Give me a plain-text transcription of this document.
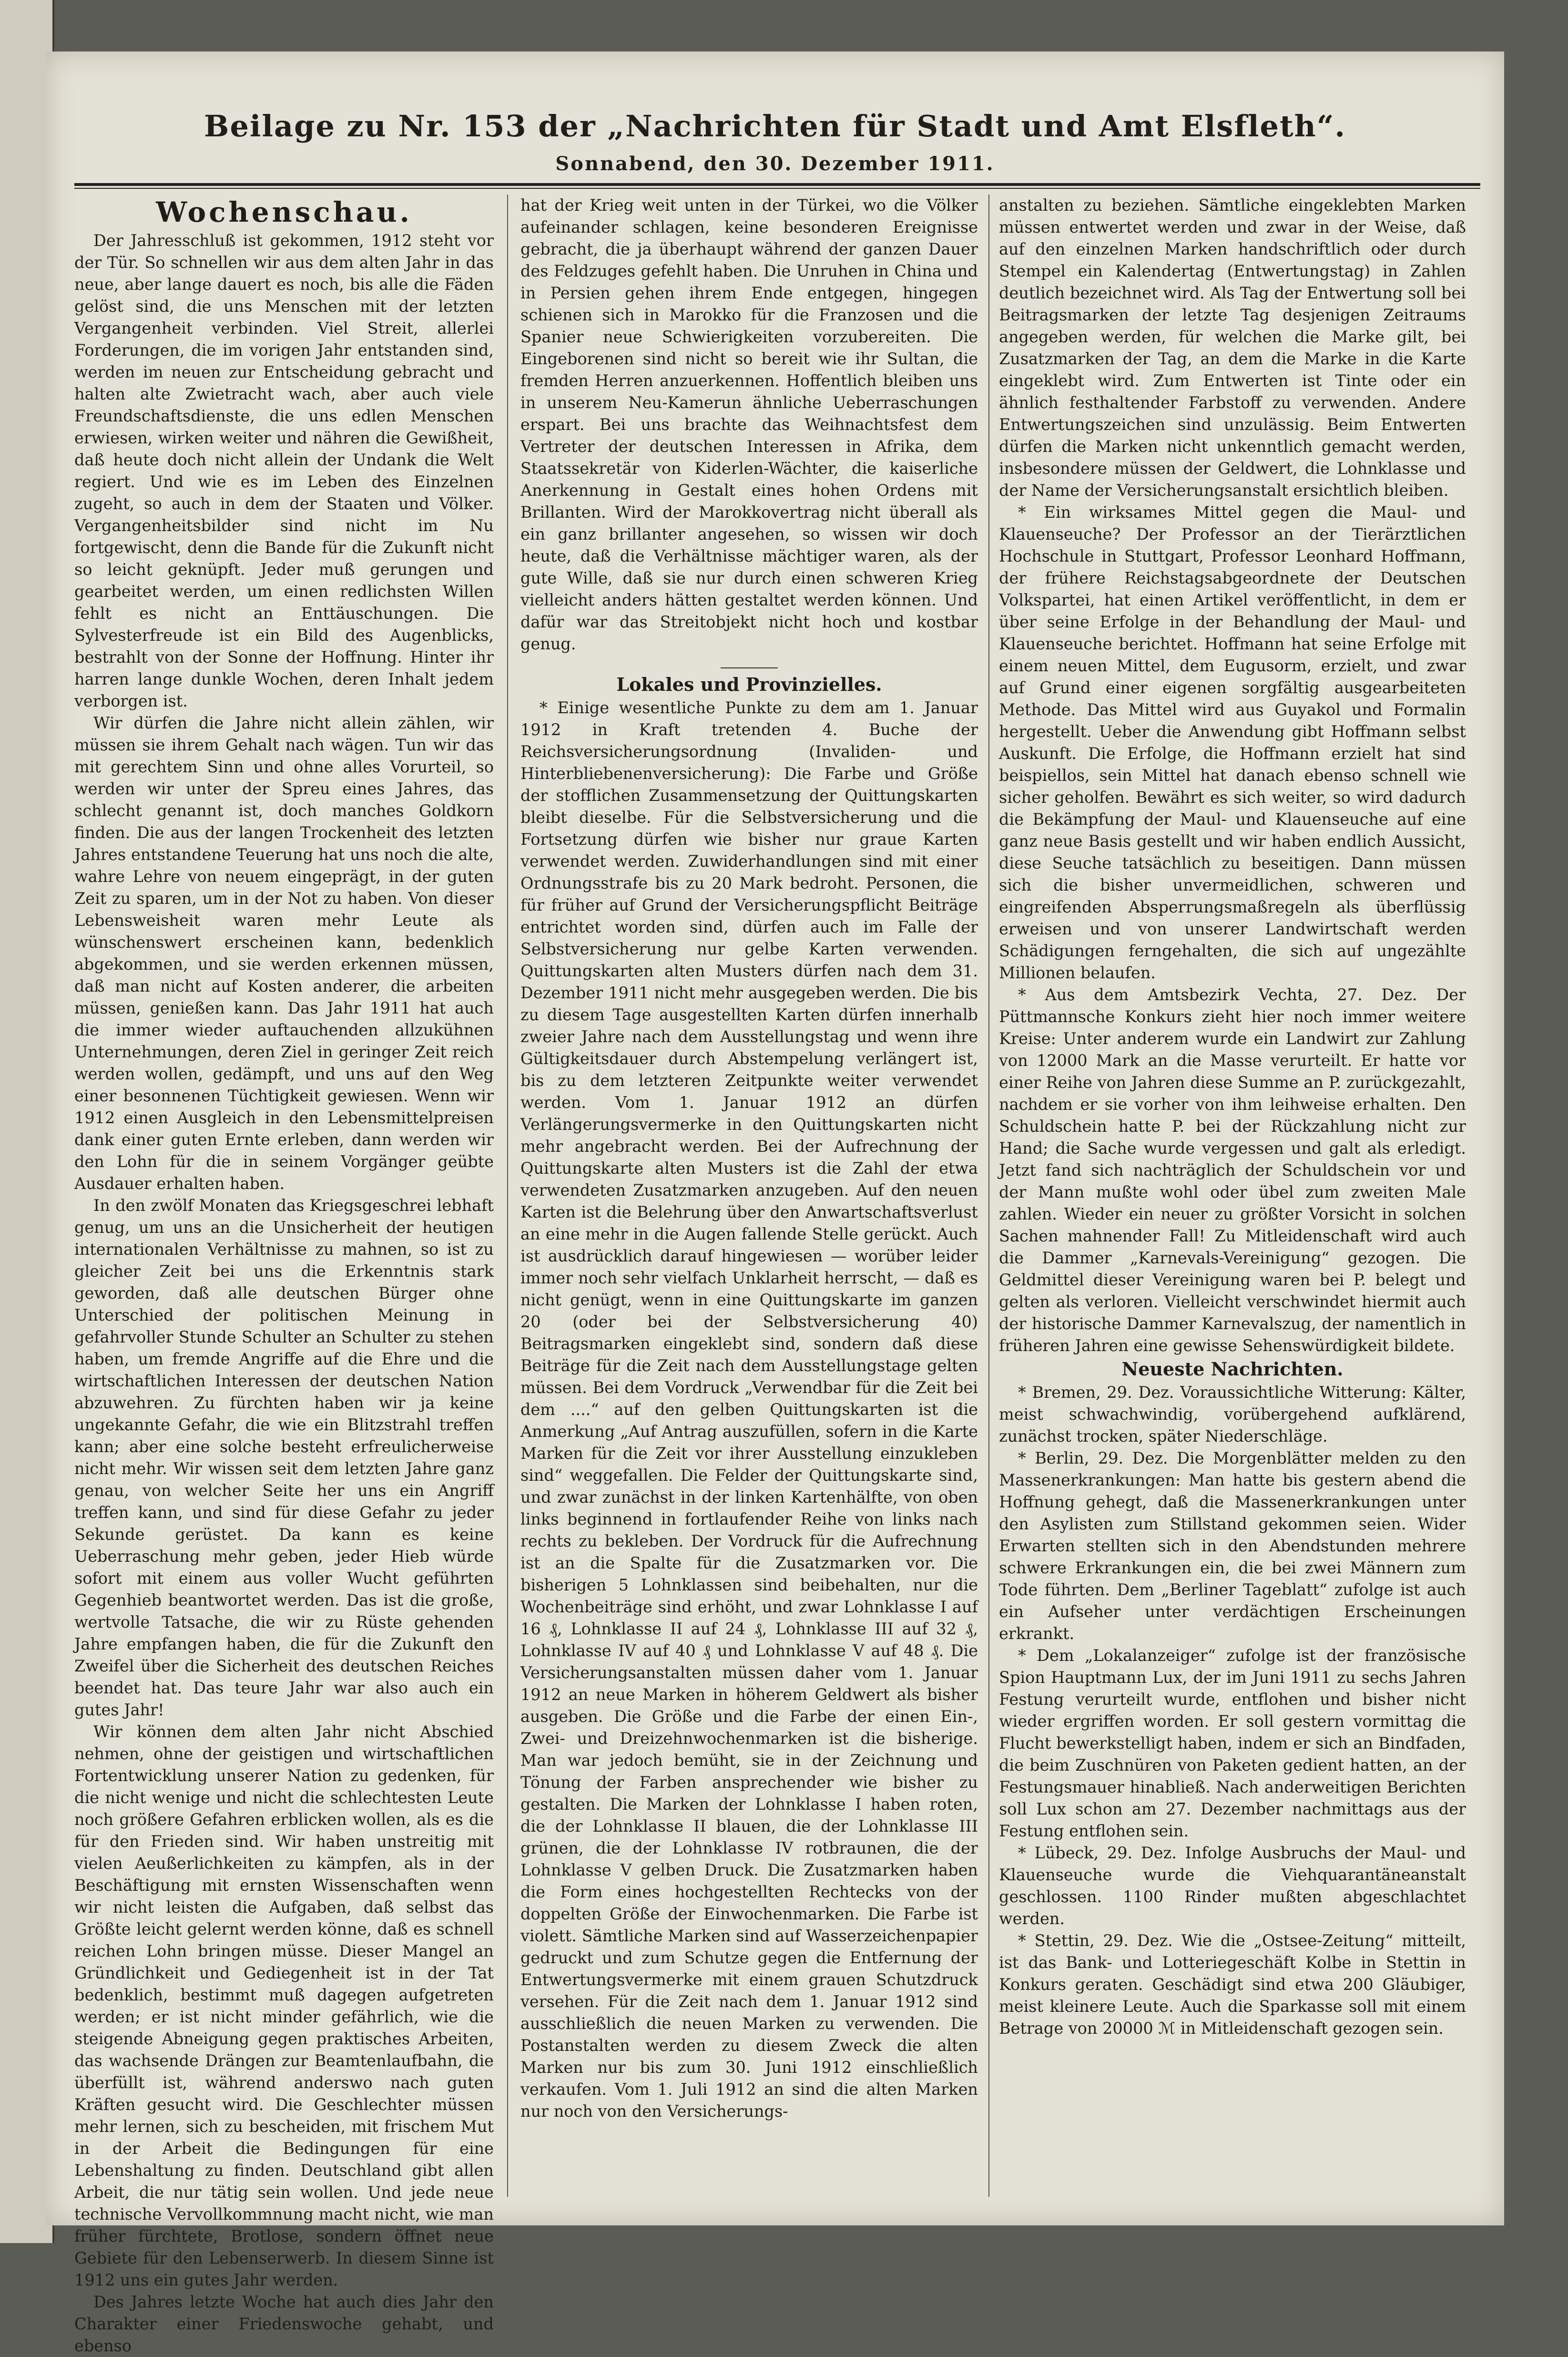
Beilage zu Nr. 153 der „Nachrichten für Stadt und Amt Elsfleth“.
Sonnabend, den 30. Dezember 1911.

Wochenschau.

Der Jahresschluß ist gekommen, 1912 steht vor der Tür. So schnellen wir aus dem alten Jahr in das neue, aber lange dauert es noch, bis alle die Fäden gelöst sind, die uns Menschen mit der letzten Vergangenheit verbinden. Viel Streit, allerlei Forderungen, die im vorigen Jahr entstanden sind, werden im neuen zur Entscheidung gebracht und halten alte Zwietracht wach, aber auch viele Freundschaftsdienste, die uns edlen Menschen erwiesen, wirken weiter und nähren die Gewißheit, daß heute doch nicht allein der Undank die Welt regiert. Und wie es im Leben des Einzelnen zugeht, so auch in dem der Staaten und Völker. Vergangenheitsbilder sind nicht im Nu fortgewischt, denn die Bande für die Zukunft nicht so leicht geknüpft. Jeder muß gerungen und gearbeitet werden, um einen redlichsten Willen fehlt es nicht an Enttäuschungen. Die Sylvesterfreude ist ein Bild des Augenblicks, bestrahlt von der Sonne der Hoffnung. Hinter ihr harren lange dunkle Wochen, deren Inhalt jedem verborgen ist.

Wir dürfen die Jahre nicht allein zählen, wir müssen sie ihrem Gehalt nach wägen. Tun wir das mit gerechtem Sinn und ohne alles Vorurteil, so werden wir unter der Spreu eines Jahres, das schlecht genannt ist, doch manches Goldkorn finden. Die aus der langen Trockenheit des letzten Jahres entstandene Teuerung hat uns noch die alte, wahre Lehre von neuem eingeprägt, in der guten Zeit zu sparen, um in der Not zu haben. Von dieser Lebensweisheit waren mehr Leute als wünschenswert erscheinen kann, bedenklich abgekommen, und sie werden erkennen müssen, daß man nicht auf Kosten anderer, die arbeiten müssen, genießen kann. Das Jahr 1911 hat auch die immer wieder auftauchenden allzukühnen Unternehmungen, deren Ziel in geringer Zeit reich werden wollen, gedämpft, und uns auf den Weg einer besonnenen Tüchtigkeit gewiesen. Wenn wir 1912 einen Ausgleich in den Lebensmittelpreisen dank einer guten Ernte erleben, dann werden wir den Lohn für die in seinem Vorgänger geübte Ausdauer erhalten haben.

In den zwölf Monaten das Kriegsgeschrei lebhaft genug, um uns an die Unsicherheit der heutigen internationalen Verhältnisse zu mahnen, so ist zu gleicher Zeit bei uns die Erkenntnis stark geworden, daß alle deutschen Bürger ohne Unterschied der politischen Meinung in gefahrvoller Stunde Schulter an Schulter zu stehen haben, um fremde Angriffe auf die Ehre und die wirtschaftlichen Interessen der deutschen Nation abzuwehren. Zu fürchten haben wir ja keine ungekannte Gefahr, die wie ein Blitzstrahl treffen kann; aber eine solche besteht erfreulicherweise nicht mehr. Wir wissen seit dem letzten Jahre ganz genau, von welcher Seite her uns ein Angriff treffen kann, und sind für diese Gefahr zu jeder Sekunde gerüstet. Da kann es keine Ueberraschung mehr geben, jeder Hieb würde sofort mit einem aus voller Wucht geführten Gegenhieb beantwortet werden. Das ist die große, wertvolle Tatsache, die wir zu Rüste gehenden Jahre empfangen haben, die für die Zukunft den Zweifel über die Sicherheit des deutschen Reiches beendet hat. Das teure Jahr war also auch ein gutes Jahr!

Wir können dem alten Jahr nicht Abschied nehmen, ohne der geistigen und wirtschaftlichen Fortentwicklung unserer Nation zu gedenken, für die nicht wenige und nicht die schlechtesten Leute noch größere Gefahren erblicken wollen, als es die für den Frieden sind. Wir haben unstreitig mit vielen Aeußerlichkeiten zu kämpfen, als in der Beschäftigung mit ernsten Wissenschaften wenn wir nicht leisten die Aufgaben, daß selbst das Größte leicht gelernt werden könne, daß es schnell reichen Lohn bringen müsse. Dieser Mangel an Gründlichkeit und Gediegenheit ist in der Tat bedenklich, bestimmt muß dagegen aufgetreten werden; er ist nicht minder gefährlich, wie die steigende Abneigung gegen praktisches Arbeiten, das wachsende Drängen zur Beamtenlaufbahn, die überfüllt ist, während anderswo nach guten Kräften gesucht wird. Die Geschlechter müssen mehr lernen, sich zu bescheiden, mit frischem Mut in der Arbeit die Bedingungen für eine Lebenshaltung zu finden. Deutschland gibt allen Arbeit, die nur tätig sein wollen. Und jede neue technische Vervollkommnung macht nicht, wie man früher fürchtete, Brotlose, sondern öffnet neue Gebiete für den Lebenserwerb. In diesem Sinne ist 1912 uns ein gutes Jahr werden.

Des Jahres letzte Woche hat auch dies Jahr den Charakter einer Friedenswoche gehabt, und ebenso

hat der Krieg weit unten in der Türkei, wo die Völker aufeinander schlagen, keine besonderen Ereignisse gebracht, die ja überhaupt während der ganzen Dauer des Feldzuges gefehlt haben. Die Unruhen in China und in Persien gehen ihrem Ende entgegen, hingegen schienen sich in Marokko für die Franzosen und die Spanier neue Schwierigkeiten vorzubereiten. Die Eingeborenen sind nicht so bereit wie ihr Sultan, die fremden Herren anzuerkennen. Hoffentlich bleiben uns in unserem Neu-Kamerun ähnliche Ueberraschungen erspart. Bei uns brachte das Weihnachtsfest dem Vertreter der deutschen Interessen in Afrika, dem Staatssekretär von Kiderlen-Wächter, die kaiserliche Anerkennung in Gestalt eines hohen Ordens mit Brillanten. Wird der Marokkovertrag nicht überall als ein ganz brillanter angesehen, so wissen wir doch heute, daß die Verhältnisse mächtiger waren, als der gute Wille, daß sie nur durch einen schweren Krieg vielleicht anders hätten gestaltet werden können. Und dafür war das Streitobjekt nicht hoch und kostbar genug.

Lokales und Provinzielles.

* Einige wesentliche Punkte zu dem am 1. Januar 1912 in Kraft tretenden 4. Buche der Reichsversicherungsordnung (Invaliden- und Hinterbliebenenversicherung): Die Farbe und Größe der stofflichen Zusammensetzung der Quittungskarten bleibt dieselbe. Für die Selbstversicherung und die Fortsetzung dürfen wie bisher nur graue Karten verwendet werden. Zuwiderhandlungen sind mit einer Ordnungsstrafe bis zu 20 Mark bedroht. Personen, die für früher auf Grund der Versicherungspflicht Beiträge entrichtet worden sind, dürfen auch im Falle der Selbstversicherung nur gelbe Karten verwenden. Quittungskarten alten Musters dürfen nach dem 31. Dezember 1911 nicht mehr ausgegeben werden. Die bis zu diesem Tage ausgestellten Karten dürfen innerhalb zweier Jahre nach dem Ausstellungstag und wenn ihre Gültigkeitsdauer durch Abstempelung verlängert ist, bis zu dem letzteren Zeitpunkte weiter verwendet werden. Vom 1. Januar 1912 an dürfen Verlängerungsvermerke in den Quittungskarten nicht mehr angebracht werden. Bei der Aufrechnung der Quittungskarte alten Musters ist die Zahl der etwa verwendeten Zusatzmarken anzugeben. Auf den neuen Karten ist die Belehrung über den Anwartschaftsverlust an eine mehr in die Augen fallende Stelle gerückt. Auch ist ausdrücklich darauf hingewiesen — worüber leider immer noch sehr vielfach Unklarheit herrscht, — daß es nicht genügt, wenn in eine Quittungskarte im ganzen 20 (oder bei der Selbstversicherung 40) Beitragsmarken eingeklebt sind, sondern daß diese Beiträge für die Zeit nach dem Ausstellungstage gelten müssen. Bei dem Vordruck „Verwendbar für die Zeit bei dem ....“ auf den gelben Quittungskarten ist die Anmerkung „Auf Antrag auszufüllen, sofern in die Karte Marken für die Zeit vor ihrer Ausstellung einzukleben sind“ weggefallen. Die Felder der Quittungskarte sind, und zwar zunächst in der linken Kartenhälfte, von oben links beginnend in fortlaufender Reihe von links nach rechts zu bekleben. Der Vordruck für die Aufrechnung ist an die Spalte für die Zusatzmarken vor. Die bisherigen 5 Lohnklassen sind beibehalten, nur die Wochenbeiträge sind erhöht, und zwar Lohnklasse I auf 16 ₰, Lohnklasse II auf 24 ₰, Lohnklasse III auf 32 ₰, Lohnklasse IV auf 40 ₰ und Lohnklasse V auf 48 ₰. Die Versicherungsanstalten müssen daher vom 1. Januar 1912 an neue Marken in höherem Geldwert als bisher ausgeben. Die Größe und die Farbe der einen Ein-, Zwei- und Dreizehnwochenmarken ist die bisherige. Man war jedoch bemüht, sie in der Zeichnung und Tönung der Farben ansprechender wie bisher zu gestalten. Die Marken der Lohnklasse I haben roten, die der Lohnklasse II blauen, die der Lohnklasse III grünen, die der Lohnklasse IV rotbraunen, die der Lohnklasse V gelben Druck. Die Zusatzmarken haben die Form eines hochgestellten Rechtecks von der doppelten Größe der Einwochenmarken. Die Farbe ist violett. Sämtliche Marken sind auf Wasserzeichenpapier gedruckt und zum Schutze gegen die Entfernung der Entwertungsvermerke mit einem grauen Schutzdruck versehen. Für die Zeit nach dem 1. Januar 1912 sind ausschließlich die neuen Marken zu verwenden. Die Postanstalten werden zu diesem Zweck die alten Marken nur bis zum 30. Juni 1912 einschließlich verkaufen. Vom 1. Juli 1912 an sind die alten Marken nur noch von den Versicherungs-

anstalten zu beziehen. Sämtliche eingeklebten Marken müssen entwertet werden und zwar in der Weise, daß auf den einzelnen Marken handschriftlich oder durch Stempel ein Kalendertag (Entwertungstag) in Zahlen deutlich bezeichnet wird. Als Tag der Entwertung soll bei Beitragsmarken der letzte Tag desjenigen Zeitraums angegeben werden, für welchen die Marke gilt, bei Zusatzmarken der Tag, an dem die Marke in die Karte eingeklebt wird. Zum Entwerten ist Tinte oder ein ähnlich festhaltender Farbstoff zu verwenden. Andere Entwertungszeichen sind unzulässig. Beim Entwerten dürfen die Marken nicht unkenntlich gemacht werden, insbesondere müssen der Geldwert, die Lohnklasse und der Name der Versicherungsanstalt ersichtlich bleiben.

* Ein wirksames Mittel gegen die Maul- und Klauenseuche? Der Professor an der Tierärztlichen Hochschule in Stuttgart, Professor Leonhard Hoffmann, der frühere Reichstagsabgeordnete der Deutschen Volkspartei, hat einen Artikel veröffentlicht, in dem er über seine Erfolge in der Behandlung der Maul- und Klauenseuche berichtet. Hoffmann hat seine Erfolge mit einem neuen Mittel, dem Eugusorm, erzielt, und zwar auf Grund einer eigenen sorgfältig ausgearbeiteten Methode. Das Mittel wird aus Guyakol und Formalin hergestellt. Ueber die Anwendung gibt Hoffmann selbst Auskunft. Die Erfolge, die Hoffmann erzielt hat sind beispiellos, sein Mittel hat danach ebenso schnell wie sicher geholfen. Bewährt es sich weiter, so wird dadurch die Bekämpfung der Maul- und Klauenseuche auf eine ganz neue Basis gestellt und wir haben endlich Aussicht, diese Seuche tatsächlich zu beseitigen. Dann müssen sich die bisher unvermeidlichen, schweren und eingreifenden Absperrungsmaßregeln als überflüssig erweisen und von unserer Landwirtschaft werden Schädigungen ferngehalten, die sich auf ungezählte Millionen belaufen.

* Aus dem Amtsbezirk Vechta, 27. Dez. Der Püttmannsche Konkurs zieht hier noch immer weitere Kreise: Unter anderem wurde ein Landwirt zur Zahlung von 12000 Mark an die Masse verurteilt. Er hatte vor einer Reihe von Jahren diese Summe an P. zurückgezahlt, nachdem er sie vorher von ihm leihweise erhalten. Den Schuldschein hatte P. bei der Rückzahlung nicht zur Hand; die Sache wurde vergessen und galt als erledigt. Jetzt fand sich nachträglich der Schuldschein vor und der Mann mußte wohl oder übel zum zweiten Male zahlen. Wieder ein neuer zu größter Vorsicht in solchen Sachen mahnender Fall! Zu Mitleidenschaft wird auch die Dammer „Karnevals-Vereinigung“ gezogen. Die Geldmittel dieser Vereinigung waren bei P. belegt und gelten als verloren. Vielleicht verschwindet hiermit auch der historische Dammer Karnevalszug, der namentlich in früheren Jahren eine gewisse Sehenswürdigkeit bildete.

Neueste Nachrichten.

* Bremen, 29. Dez. Voraussichtliche Witterung: Kälter, meist schwachwindig, vorübergehend aufklärend, zunächst trocken, später Niederschläge.

* Berlin, 29. Dez. Die Morgenblätter melden zu den Massenerkrankungen: Man hatte bis gestern abend die Hoffnung gehegt, daß die Massenerkrankungen unter den Asylisten zum Stillstand gekommen seien. Wider Erwarten stellten sich in den Abendstunden mehrere schwere Erkrankungen ein, die bei zwei Männern zum Tode führten. Dem „Berliner Tageblatt“ zufolge ist auch ein Aufseher unter verdächtigen Erscheinungen erkrankt.

* Dem „Lokalanzeiger“ zufolge ist der französische Spion Hauptmann Lux, der im Juni 1911 zu sechs Jahren Festung verurteilt wurde, entflohen und bisher nicht wieder ergriffen worden. Er soll gestern vormittag die Flucht bewerkstelligt haben, indem er sich an Bindfaden, die beim Zuschnüren von Paketen gedient hatten, an der Festungsmauer hinabließ. Nach anderweitigen Berichten soll Lux schon am 27. Dezember nachmittags aus der Festung entflohen sein.

* Lübeck, 29. Dez. Infolge Ausbruchs der Maul- und Klauenseuche wurde die Viehquarantäneanstalt geschlossen. 1100 Rinder mußten abgeschlachtet werden.

* Stettin, 29. Dez. Wie die „Ostsee-Zeitung“ mitteilt, ist das Bank- und Lotteriegeschäft Kolbe in Stettin in Konkurs geraten. Geschädigt sind etwa 200 Gläubiger, meist kleinere Leute. Auch die Sparkasse soll mit einem Betrage von 20000 ℳ in Mitleidenschaft gezogen sein.
